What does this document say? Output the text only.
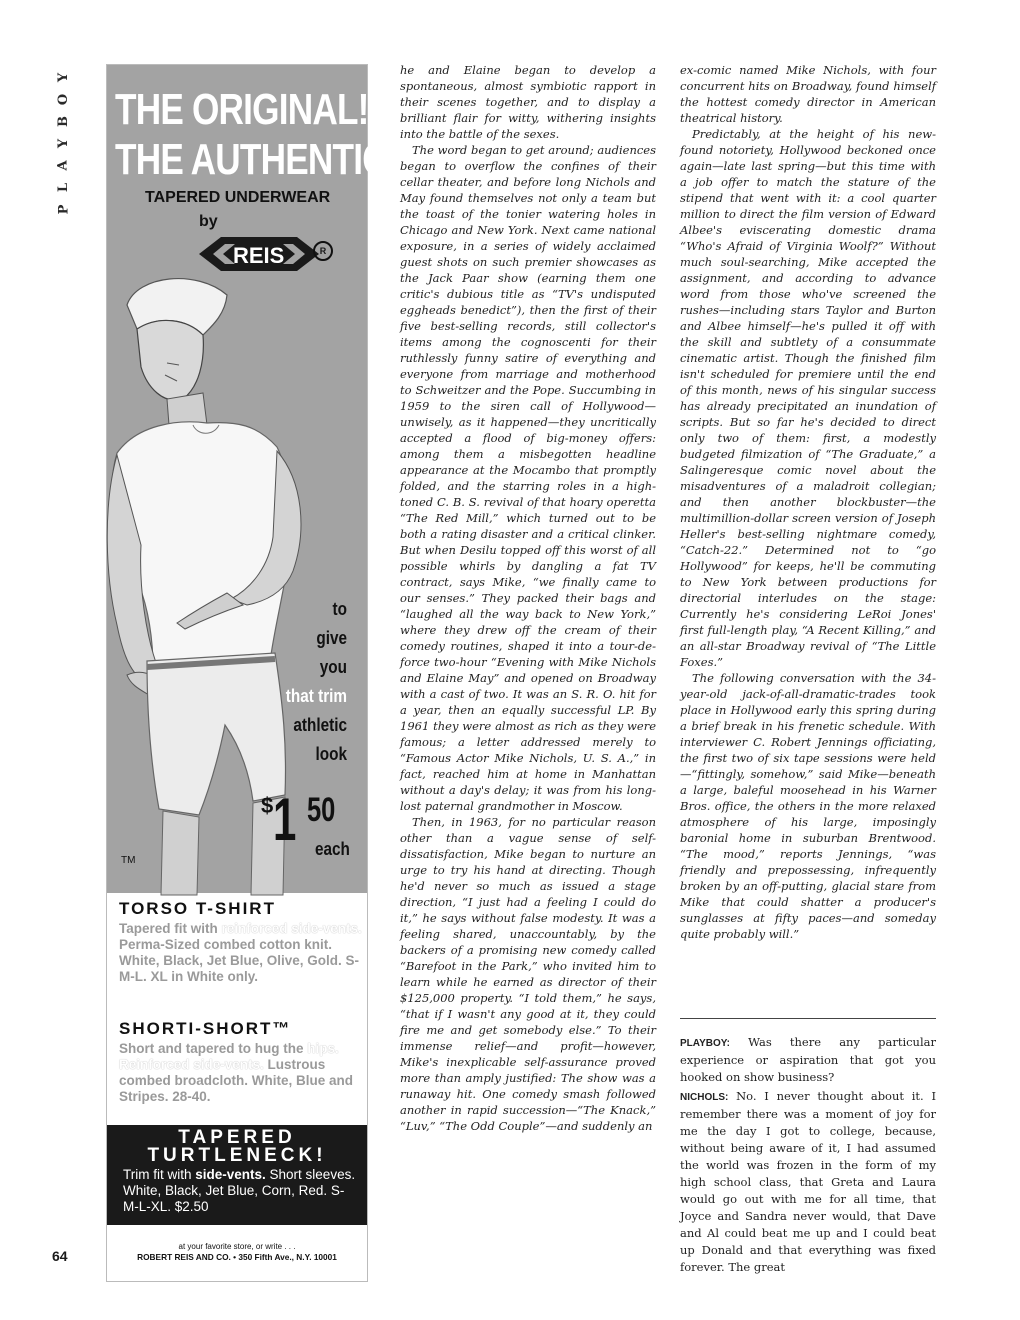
Y
O
B
Y
A
L
P
64
THE ORIGINAL!
THE AUTHENTIC!
TAPERED UNDERWEAR
by
REIS	R
to
give
you
that trim
athletic
look
$ 1 50
each
TM
TORSO T-SHIRT
Tapered fit with reinforced side-vents. Perma-Sized combed cotton knit. White, Black, Jet Blue, Olive, Gold. S-M-L. XL in White only.
SHORTI-SHORT™
Short and tapered to hug the hips. Reinforced side-vents. Lustrous combed broadcloth. White, Blue and Stripes. 28-40.
TAPERED
TURTLENECK!
Trim fit with side-vents. Short sleeves. White, Black, Jet Blue, Corn, Red. S-M-L-XL. $2.50
at your favorite store, or write . . .
ROBERT REIS AND CO. • 350 Fifth Ave., N.Y. 10001

he and Elaine began to develop a spontaneous, almost symbiotic rapport in their scenes together, and to display a brilliant flair for witty, withering insights into the battle of the sexes.

The word began to get around; audiences began to overflow the confines of their cellar theater, and before long Nichols and May found themselves not only a team but the toast of the tonier watering holes in Chicago and New York. Next came national exposure, in a series of widely acclaimed guest shots on such premier showcases as the Jack Paar show (earning them one critic's dubious title as “TV's undisputed eggheads benedict”), then the first of their five best-selling records, still collector's items among the cognoscenti for their ruthlessly funny satire of everything and everyone from marriage and motherhood to Schweitzer and the Pope. Succumbing in 1959 to the siren call of Hollywood—unwisely, as it happened—they uncritically accepted a flood of big-money offers: among them a misbegotten headline appearance at the Mocambo that promptly folded, and the starring roles in a high-toned C. B. S. revival of that hoary operetta “The Red Mill,” which turned out to be both a rating disaster and a critical clinker. But when Desilu topped off this worst of all possible whirls by dangling a fat TV contract, says Mike, “we finally came to our senses.” They packed their bags and “laughed all the way back to New York,” where they drew off the cream of their comedy routines, shaped it into a tour-de-force two-hour “Evening with Mike Nichols and Elaine May” and opened on Broadway with a cast of two. It was an S. R. O. hit for a year, then an equally successful LP. By 1961 they were almost as rich as they were famous; a letter addressed merely to “Famous Actor Mike Nichols, U. S. A.,” in fact, reached him at home in Manhattan without a day's delay; it was from his long-lost paternal grandmother in Moscow.

Then, in 1963, for no particular reason other than a vague sense of self-dissatisfaction, Mike began to nurture an urge to try his hand at directing. Though he'd never so much as issued a stage direction, “I just had a feeling I could do it,” he says without false modesty. It was a feeling shared, unaccountably, by the backers of a promising new comedy called “Barefoot in the Park,” who invited him to learn while he earned as director of their $125,000 property. “I told them,” he says, “that if I wasn't any good at it, they could fire me and get somebody else.” To their immense relief—and profit—however, Mike's inexplicable self-assurance proved more than amply justified: The show was a runaway hit. One comedy smash followed another in rapid succession—“The Knack,” “Luv,” “The Odd Couple”—and suddenly an

ex-comic named Mike Nichols, with four concurrent hits on Broadway, found himself the hottest comedy director in American theatrical history.

Predictably, at the height of his new-found notoriety, Hollywood beckoned once again—late last spring—but this time with a job offer to match the stature of the stipend that went with it: a cool quarter million to direct the film version of Edward Albee's eviscerating domestic drama “Who's Afraid of Virginia Woolf?” Without much soul-searching, Mike accepted the assignment, and according to advance word from those who've screened the rushes—including stars Taylor and Burton and Albee himself—he's pulled it off with the skill and subtlety of a consummate cinematic artist. Though the finished film isn't scheduled for premiere until the end of this month, news of his singular success has already precipitated an inundation of scripts. But so far he's decided to direct only two of them: first, a modestly budgeted filmization of “The Graduate,” a Salingeresque comic novel about the misadventures of a maladroit collegian; and then another blockbuster—the multimillion-dollar screen version of Joseph Heller's best-selling nightmare comedy, “Catch-22.” Determined not to “go Hollywood” for keeps, he'll be commuting to New York between productions for directorial interludes on the stage: Currently he's considering LeRoi Jones' first full-length play, “A Recent Killing,” and an all-star Broadway revival of “The Little Foxes.”

The following conversation with the 34-year-old jack-of-all-dramatic-trades took place in Hollywood early this spring during a brief break in his frenetic schedule. With interviewer C. Robert Jennings officiating, the first two of six tape sessions were held—“fittingly, somehow,” said Mike—beneath a large, baleful moosehead in his Warner Bros. office, the others in the more relaxed atmosphere of his large, imposingly baronial home in suburban Brentwood. “The mood,” reports Jennings, “was friendly and prepossessing, infrequently broken by an off-putting, glacial stare from Mike that could shatter a producer's sunglasses at fifty paces—and someday quite probably will.”

PLAYBOY: Was there any particular experience or aspiration that got you hooked on show business?

NICHOLS: No. I never thought about it. I remember there was a moment of joy for me the day I got to college, because, without being aware of it, I had assumed the world was frozen in the form of my high school class, that Greta and Laura would go out with me for all time, that Joyce and Sandra never would, that Dave and Al could beat me up and I could beat up Donald and that everything was fixed forever. The great
